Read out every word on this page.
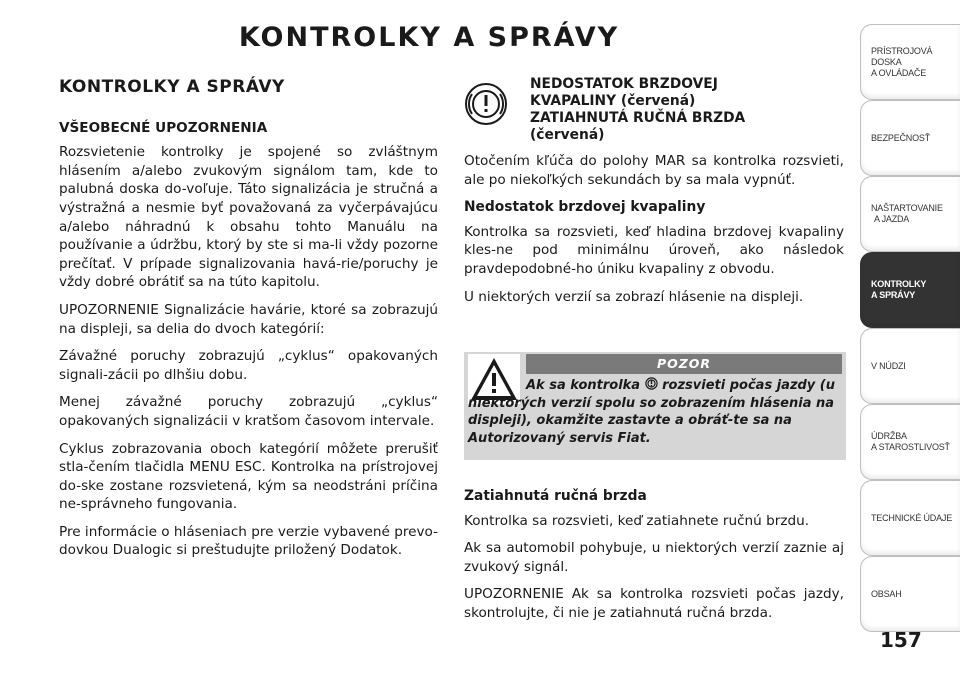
KONTROLKY A SPRÁVY
KONTROLKY A SPRÁVY
VŠEOBECNÉ UPOZORNENIA

Rozsvietenie kontrolky je spojené so zvláštnym hlásením a/alebo zvukovým signálom tam, kde to palubná doska do-voľuje. Táto signalizácia je stručná a výstražná a nesmie byť považovaná za vyčerpávajúcu a/alebo náhradnú k obsahu tohto Manuálu na používanie a údržbu, ktorý by ste si ma-li vždy pozorne prečítať. V prípade signalizovania havá-rie/poruchy je vždy dobré obrátiť sa na túto kapitolu.

UPOZORNENIE Signalizácie havárie, ktoré sa zobrazujú na displeji, sa delia do dvoch kategórií:

Závažné poruchy zobrazujú „cyklus“ opakovaných signali-zácii po dlhšiu dobu.

Menej závažné poruchy zobrazujú „cyklus“ opakovaných signalizácii v kratšom časovom intervale.

Cyklus zobrazovania oboch kategórií môžete prerušiť stla-čením tlačidla MENU ESC. Kontrolka na prístrojovej do-ske zostane rozsvietená, kým sa neodstráni príčina ne-správneho fungovania.

Pre informácie o hláseniach pre verzie vybavené prevo-dovkou Dualogic si preštudujte priložený Dodatok.

NEDOSTATOK BRZDOVEJ
KVAPALINY (červená)
ZATIAHNUTÁ RUČNÁ BRZDA
(červená)

Otočením kľúča do polohy MAR sa kontrolka rozsvieti, ale po niekoľkých sekundách by sa mala vypnúť.

Nedostatok brzdovej kvapaliny

Kontrolka sa rozsvieti, keď hladina brzdovej kvapaliny kles-ne pod minimálnu úroveň, ako následok pravdepodobné-ho úniku kvapaliny z obvodu.

U niektorých verzií sa zobrazí hlásenie na displeji.

POZOR
Ak sa kontrolka rozsvieti počas jazdy (u niektorých verzií spolu so zobrazením hlásenia na displeji), okamžite zastavte a obráť-te sa na Autorizovaný servis Fiat.
Zatiahnutá ručná brzda

Kontrolka sa rozsvieti, keď zatiahnete ručnú brzdu.

Ak sa automobil pohybuje, u niektorých verzií zaznie aj zvukový signál.

UPOZORNENIE Ak sa kontrolka rozsvieti počas jazdy, skontrolujte, či nie je zatiahnutá ručná brzda.

PRÍSTROJOVÁ
DOSKA
A OVLÁDAČE
BEZPEČNOSŤ
NAŠTARTOVANIE
A JAZDA
KONTROLKY
A SPRÁVY
V NÚDZI
ÚDRŽBA
A STAROSTLIVOSŤ
TECHNICKÉ ÚDAJE
OBSAH
157
